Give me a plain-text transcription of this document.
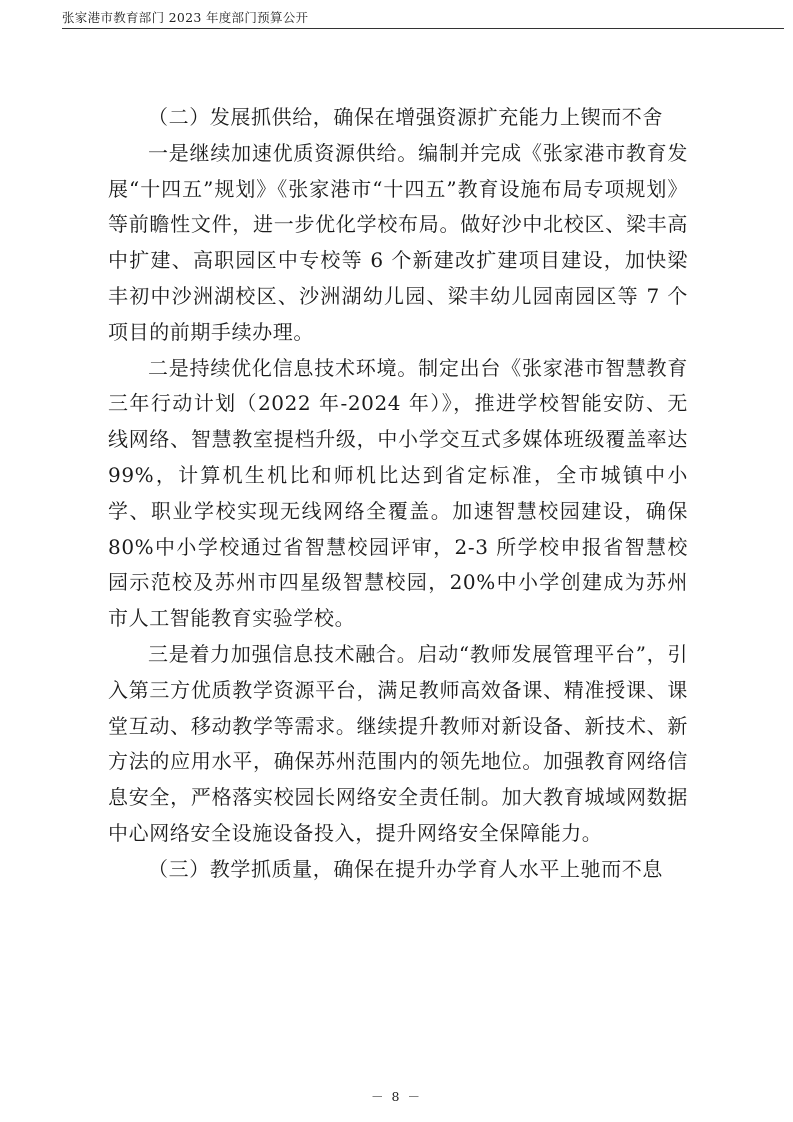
张家港市教育部门 2023 年度部门预算公开

（二）发展抓供给，确保在增强资源扩充能力上锲而不舍

一是继续加速优质资源供给。编制并完成《张家港市教育发展“十四五”规划》《张家港市“十四五”教育设施布局专项规划》等前瞻性文件，进一步优化学校布局。做好沙中北校区、梁丰高中扩建、高职园区中专校等 6 个新建改扩建项目建设，加快梁丰初中沙洲湖校区、沙洲湖幼儿园、梁丰幼儿园南园区等 7 个项目的前期手续办理。

二是持续优化信息技术环境。制定出台《张家港市智慧教育三年行动计划（2022 年-2024 年）》，推进学校智能安防、无线网络、智慧教室提档升级，中小学交互式多媒体班级覆盖率达 99%，计算机生机比和师机比达到省定标准，全市城镇中小学、职业学校实现无线网络全覆盖。加速智慧校园建设，确保 80%中小学校通过省智慧校园评审，2-3 所学校申报省智慧校园示范校及苏州市四星级智慧校园，20%中小学创建成为苏州市人工智能教育实验学校。

三是着力加强信息技术融合。启动“教师发展管理平台”，引入第三方优质教学资源平台，满足教师高效备课、精准授课、课堂互动、移动教学等需求。继续提升教师对新设备、新技术、新方法的应用水平，确保苏州范围内的领先地位。加强教育网络信息安全，严格落实校园长网络安全责任制。加大教育城域网数据中心网络安全设施设备投入，提升网络安全保障能力。

（三）教学抓质量，确保在提升办学育人水平上驰而不息

－ 8 －
